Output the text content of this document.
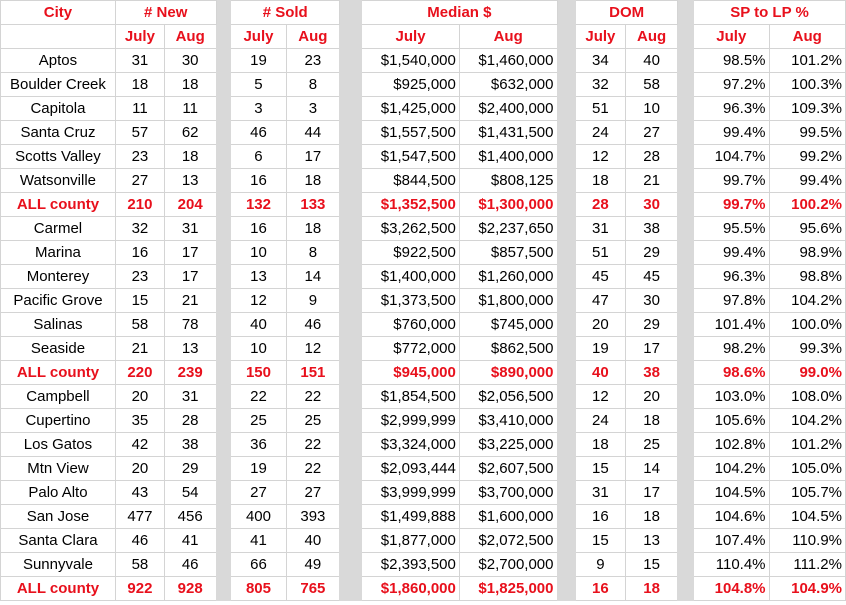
City	# New			# Sold			Median $			DOM			SP to LP %	
	July	Aug		July	Aug		July	Aug		July	Aug		July	Aug
Aptos	31	30		19	23		$1,540,000	$1,460,000		34	40		98.5%	101.2%
Boulder Creek	18	18		5	8		$925,000	$632,000		32	58		97.2%	100.3%
Capitola	11	11		3	3		$1,425,000	$2,400,000		51	10		96.3%	109.3%
Santa Cruz	57	62		46	44		$1,557,500	$1,431,500		24	27		99.4%	99.5%
Scotts Valley	23	18		6	17		$1,547,500	$1,400,000		12	28		104.7%	99.2%
Watsonville	27	13		16	18		$844,500	$808,125		18	21		99.7%	99.4%
ALL county	210	204		132	133		$1,352,500	$1,300,000		28	30		99.7%	100.2%
Carmel	32	31		16	18		$3,262,500	$2,237,650		31	38		95.5%	95.6%
Marina	16	17		10	8		$922,500	$857,500		51	29		99.4%	98.9%
Monterey	23	17		13	14		$1,400,000	$1,260,000		45	45		96.3%	98.8%
Pacific Grove	15	21		12	9		$1,373,500	$1,800,000		47	30		97.8%	104.2%
Salinas	58	78		40	46		$760,000	$745,000		20	29		101.4%	100.0%
Seaside	21	13		10	12		$772,000	$862,500		19	17		98.2%	99.3%
ALL county	220	239		150	151		$945,000	$890,000		40	38		98.6%	99.0%
Campbell	20	31		22	22		$1,854,500	$2,056,500		12	20		103.0%	108.0%
Cupertino	35	28		25	25		$2,999,999	$3,410,000		24	18		105.6%	104.2%
Los Gatos	42	38		36	22		$3,324,000	$3,225,000		18	25		102.8%	101.2%
Mtn View	20	29		19	22		$2,093,444	$2,607,500		15	14		104.2%	105.0%
Palo Alto	43	54		27	27		$3,999,999	$3,700,000		31	17		104.5%	105.7%
San Jose	477	456		400	393		$1,499,888	$1,600,000		16	18		104.6%	104.5%
Santa Clara	46	41		41	40		$1,877,000	$2,072,500		15	13		107.4%	110.9%
Sunnyvale	58	46		66	49		$2,393,500	$2,700,000		9	15		110.4%	111.2%
ALL county	922	928		805	765		$1,860,000	$1,825,000		16	18		104.8%	104.9%
